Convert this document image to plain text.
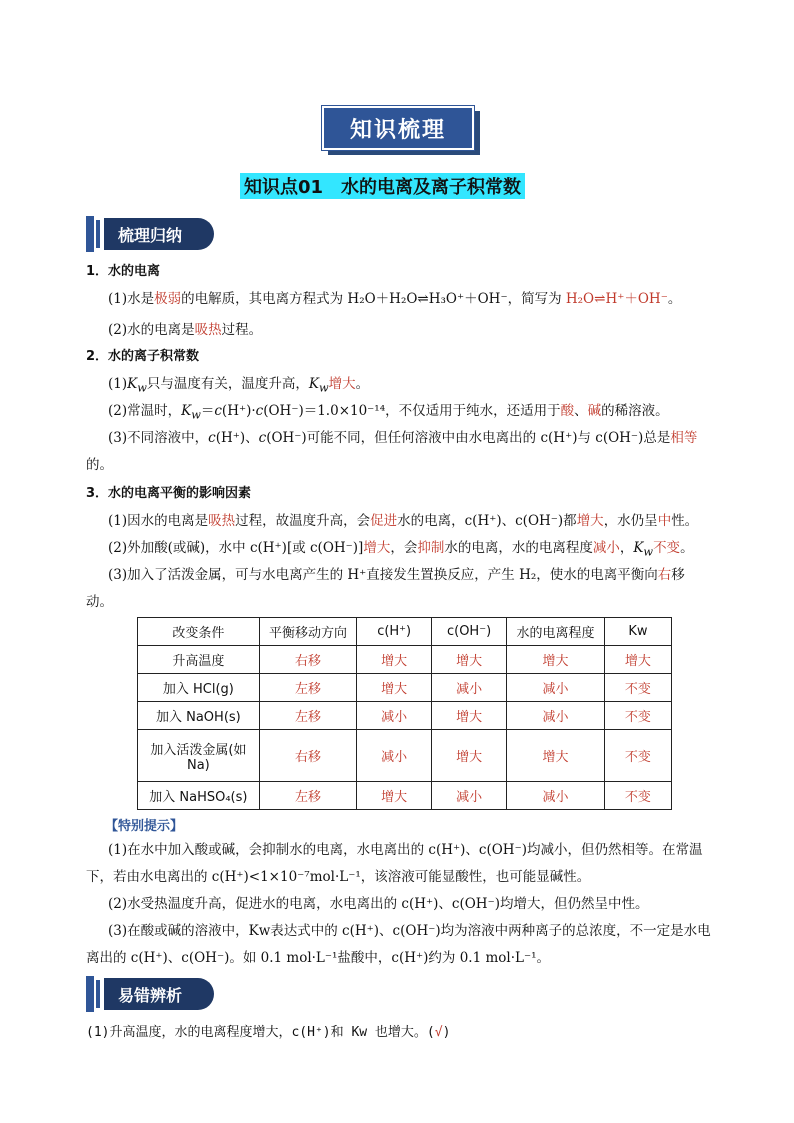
知识梳理
知识点01　水的电离及离子积常数
梳理归纳
1．水的电离
(1)水是极弱的电解质，其电离方程式为 H₂O＋H₂O⇌H₃O⁺＋OH⁻，简写为 H₂O⇌H⁺＋OH⁻。
(2)水的电离是吸热过程。
2．水的离子积常数
$(1)K_w$只与温度有关，温度升高，$K_w$增大。
(2)常温时，$K_w=c(H^+)\cdot c(OH^-)=1.0\times 10^{-14}$，不仅适用于纯水，还适用于酸、碱的稀溶液。
(3)不同溶液中，c(H⁺)、c(OH⁻)可能不同，但任何溶液中由水电离出的 c(H⁺)与 c(OH⁻)总是相等
的。
3．水的电离平衡的影响因素
(1)因水的电离是吸热过程，故温度升高，会促进水的电离，c(H⁺)、c(OH⁻)都增大，水仍呈中性。
(2)外加酸(或碱)，水中 c(H⁺)[或 c(OH⁻)]增大，会抑制水的电离，水的电离程度减小，$K_w$不变。
(3)加入了活泼金属，可与水电离产生的 H⁺直接发生置换反应，产生 H₂，使水的电离平衡向右移
动。
改变条件	平衡移动方向	c(H⁺)	c(OH⁻)	水的电离程度	Kw
升高温度	右移	增大	增大	增大	增大
加入 HCl(g)	左移	增大	减小	减小	不变
加入 NaOH(s)	左移	减小	增大	减小	不变
加入活泼金属(如 Na)	右移	减小	增大	增大	不变
加入 NaHSO₄(s)	左移	增大	减小	减小	不变
【特别提示】
(1)在水中加入酸或碱，会抑制水的电离，水电离出的 c(H⁺)、c(OH⁻)均减小，但仍然相等。在常温
下，若由水电离出的 c(H⁺)<1×10⁻⁷mol·L⁻¹，该溶液可能显酸性，也可能显碱性。
(2)水受热温度升高，促进水的电离，水电离出的 c(H⁺)、c(OH⁻)均增大，但仍然呈中性。
(3)在酸或碱的溶液中，Kw表达式中的 c(H⁺)、c(OH⁻)均为溶液中两种离子的总浓度，不一定是水电
离出的 c(H⁺)、c(OH⁻)。如 0.1 mol·L⁻¹盐酸中，c(H⁺)约为 0.1 mol·L⁻¹。
易错辨析
(1)升高温度，水的电离程度增大，c(H⁺)和 Kw 也增大。(√)
